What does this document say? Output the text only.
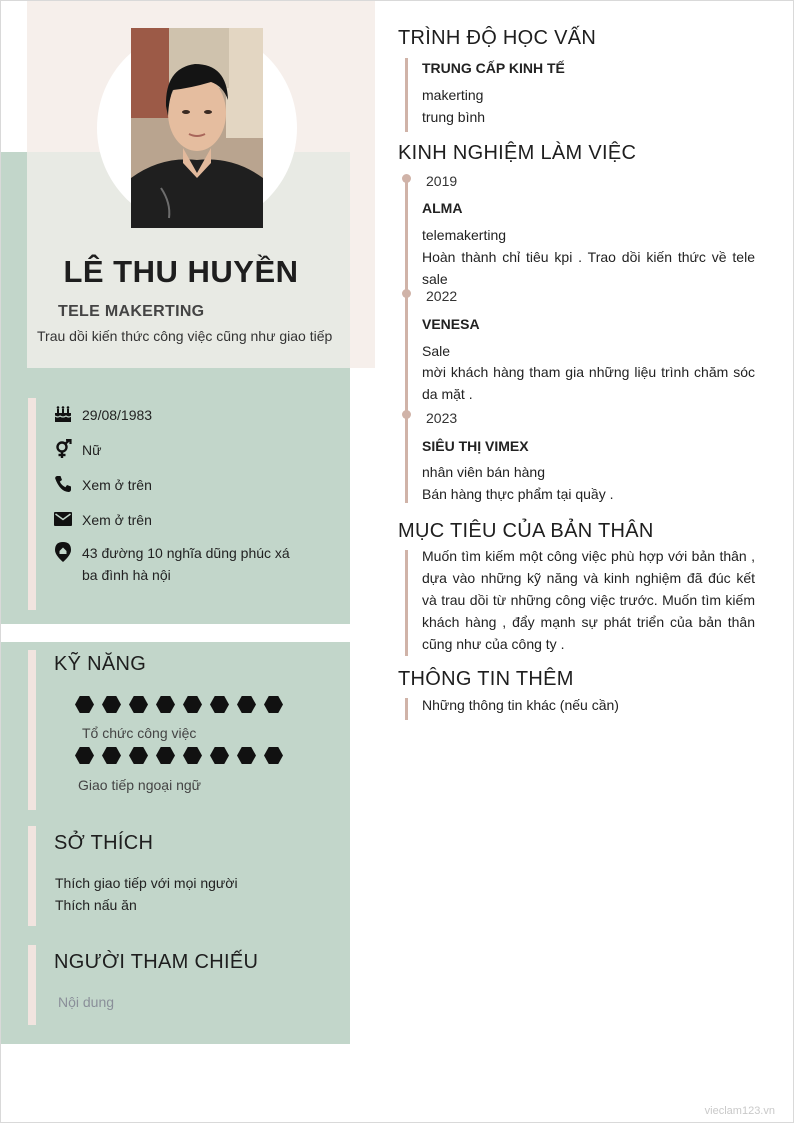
LÊ THU HUYỀN
TELE MAKERTING
Trau dồi kiến thức công việc cũng như giao tiếp
29/08/1983
Nữ
Xem ở trên
Xem ở trên
43 đường 10 nghĩa dũng phúc xá ba đình hà nội
KỸ NĂNG
Tổ chức công việc
Giao tiếp ngoại ngữ
SỞ THÍCH
Thích giao tiếp với mọi người
Thích nấu ăn
NGƯỜI THAM CHIẾU
Nội dung
TRÌNH ĐỘ HỌC VẤN
TRUNG CẤP KINH TẾ
makerting
trung bình
KINH NGHIỆM LÀM VIỆC
2019
ALMA
telemakerting
Hoàn thành chỉ tiêu kpi . Trao dồi kiến thức về tele sale
2022
VENESA
Sale
mời khách hàng tham gia những liệu trình chăm sóc da mặt .
2023
SIÊU THỊ VIMEX
nhân viên bán hàng
Bán hàng thực phẩm tại quầy .
MỤC TIÊU CỦA BẢN THÂN
Muốn tìm kiếm một công việc phù hợp với bản thân , dựa vào những kỹ năng và kinh nghiệm đã đúc kết và trau dồi từ những công việc trước. Muốn tìm kiếm khách hàng , đẩy mạnh sự phát triển của bản thân cũng như của công ty .
THÔNG TIN THÊM
Những thông tin khác (nếu cần)
vieclam123.vn
